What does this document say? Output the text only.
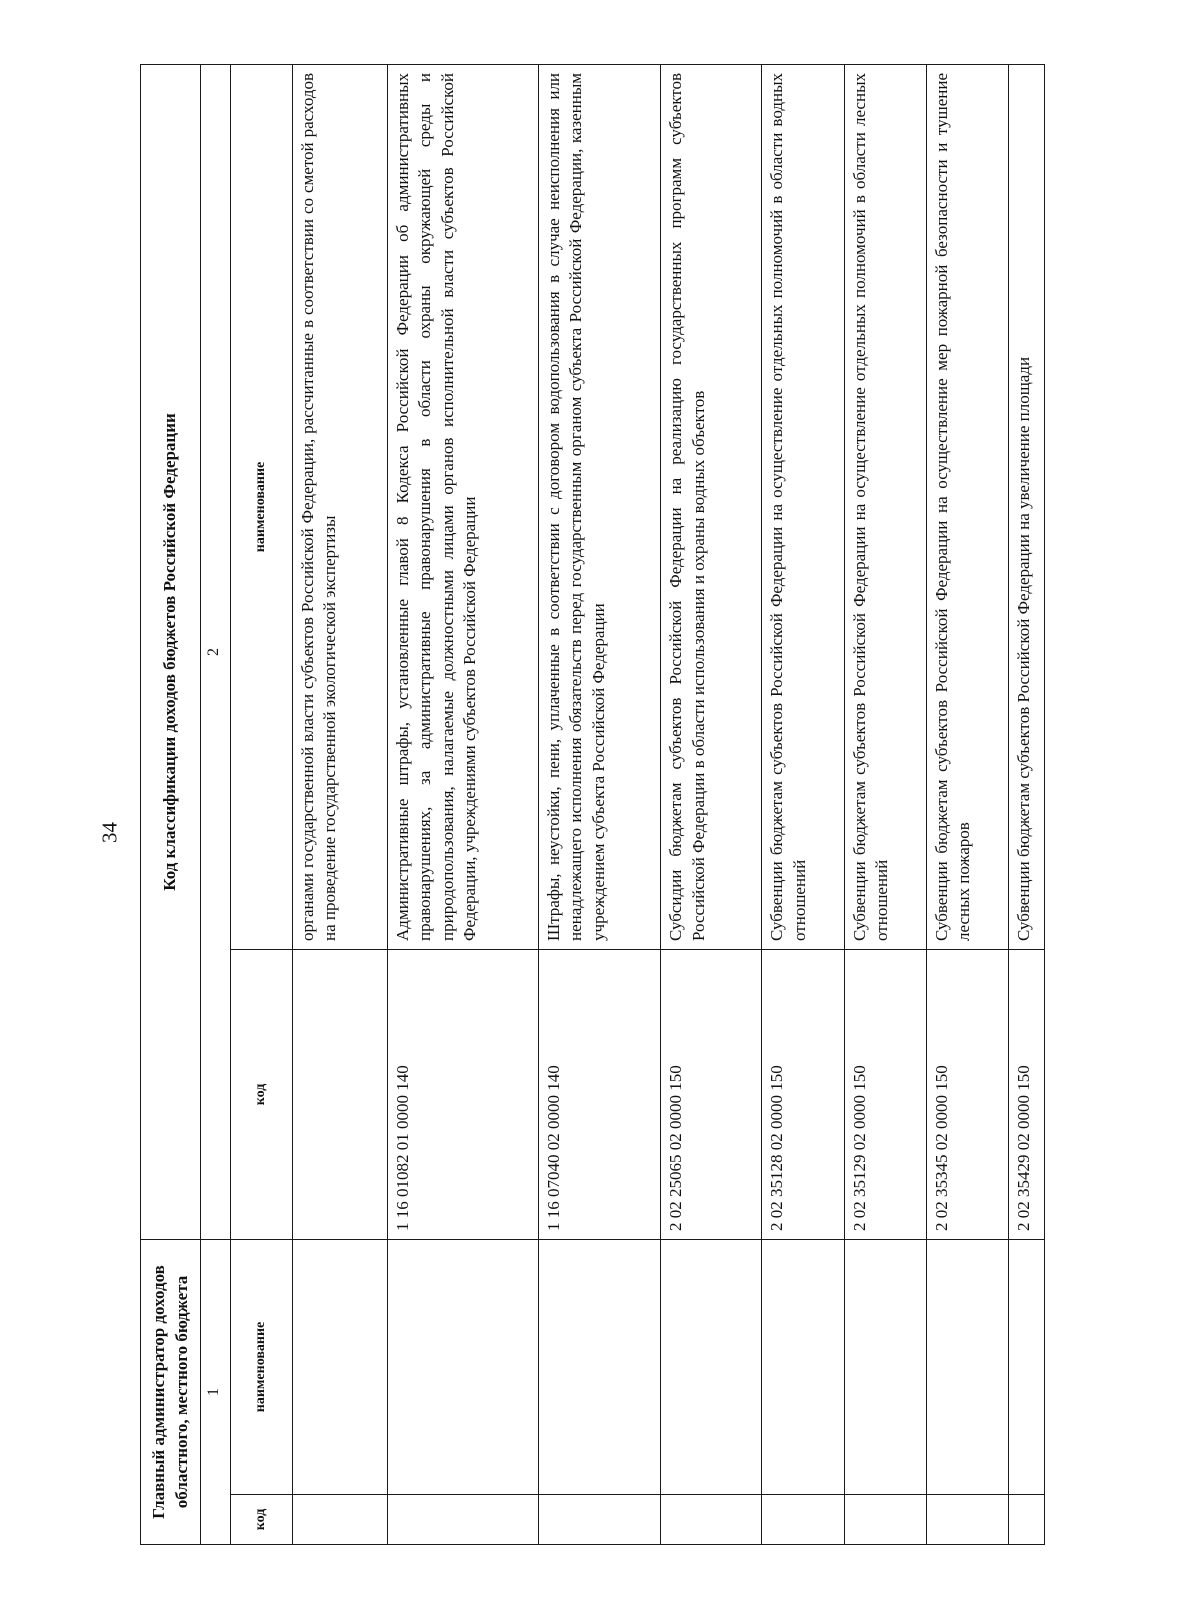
34
Главный администратор доходов областного, местного бюджета		Код классификации доходов бюджетов Российской Федерации	
1		2	
код	наименование	код	наименование
			органами государственной власти субъектов Российской Федерации, рассчитанные в соответствии со сметой расходов на проведение государственной экологической экспертизы
		1 16 01082 01 0000 140	Административные штрафы, установленные главой 8 Кодекса Российской Федерации об административных правонарушениях, за административные правонарушения в области охраны окружающей среды и природопользования, налагаемые должностными лицами органов исполнительной власти субъектов Российской Федерации, учреждениями субъектов Российской Федерации
		1 16 07040 02 0000 140	Штрафы, неустойки, пени, уплаченные в соответствии с договором водопользования в случае неисполнения или ненадлежащего исполнения обязательств перед государственным органом субъекта Российской Федерации, казенным учреждением субъекта Российской Федерации
		2 02 25065 02 0000 150	Субсидии бюджетам субъектов Российской Федерации на реализацию государственных программ субъектов Российской Федерации в области использования и охраны водных объектов
		2 02 35128 02 0000 150	Субвенции бюджетам субъектов Российской Федерации на осуществление отдельных полномочий в области водных отношений
		2 02 35129 02 0000 150	Субвенции бюджетам субъектов Российской Федерации на осуществление отдельных полномочий в области лесных отношений
		2 02 35345 02 0000 150	Субвенции бюджетам субъектов Российской Федерации на осуществление мер пожарной безопасности и тушение лесных пожаров
		2 02 35429 02 0000 150	Субвенции бюджетам субъектов Российской Федерации на увеличение площади
